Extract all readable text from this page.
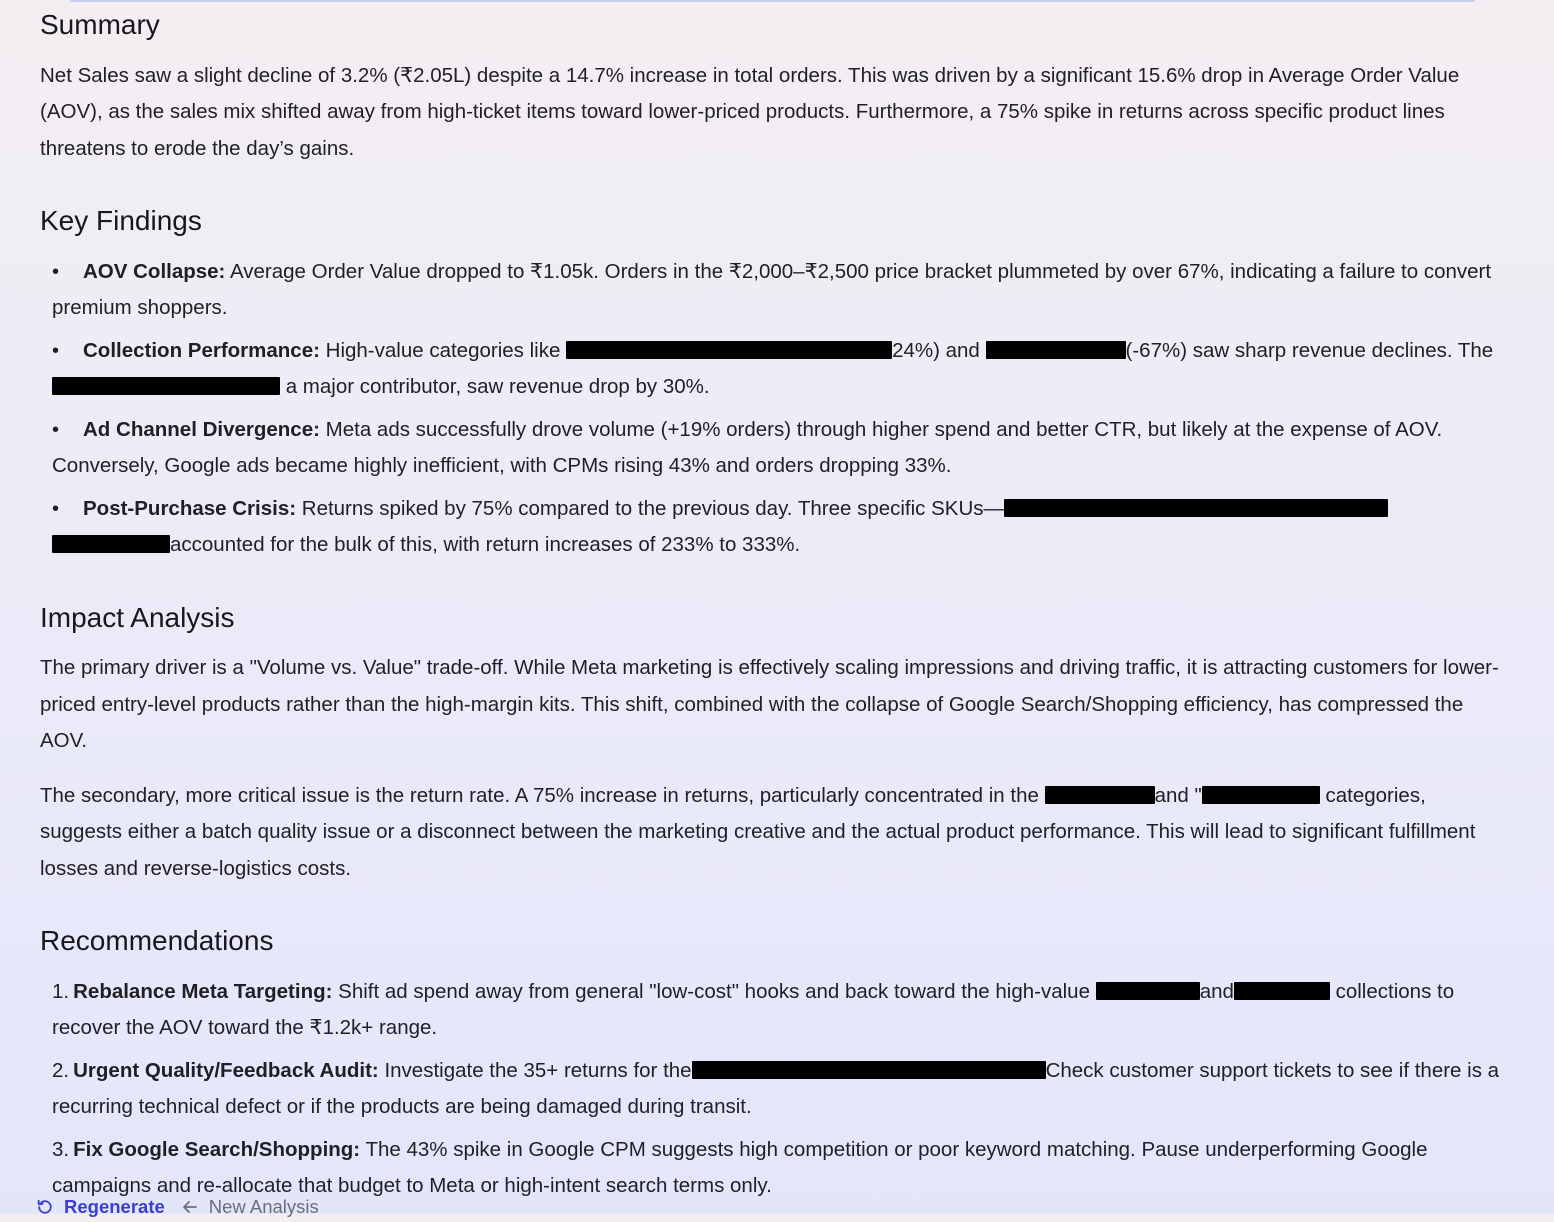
Summary

Net Sales saw a slight decline of 3.2% (₹2.05L) despite a 14.7% increase in total orders. This was driven by a significant 15.6% drop in Average Order Value (AOV), as the sales mix shifted away from high-ticket items toward lower-priced products. Furthermore, a 75% spike in returns across specific product lines threatens to erode the day’s gains.

Key Findings
• AOV Collapse: Average Order Value dropped to ₹1.05k. Orders in the ₹2,000–₹2,500 price bracket plummeted by over 67%, indicating a failure to convert premium shoppers.
• Collection Performance: High-value categories like	24%) and	(-67%) saw sharp revenue declines. The  a major contributor, saw revenue drop by 30%.
• Ad Channel Divergence: Meta ads successfully drove volume (+19% orders) through higher spend and better CTR, but likely at the expense of AOV. Conversely, Google ads became highly inefficient, with CPMs rising 43% and orders dropping 33%.
• Post-Purchase Crisis: Returns spiked by 75% compared to the previous day. Three specific SKUs—accounted for the bulk of this, with return increases of 233% to 333%.
Impact Analysis

The primary driver is a "Volume vs. Value" trade-off. While Meta marketing is effectively scaling impressions and driving traffic, it is attracting customers for lower-priced entry-level products rather than the high-margin kits. This shift, combined with the collapse of Google Search/Shopping efficiency, has compressed the AOV.

The secondary, more critical issue is the return rate. A 75% increase in returns, particularly concentrated in the	and "	categories, suggests either a batch quality issue or a disconnect between the marketing creative and the actual product performance. This will lead to significant fulfillment losses and reverse-logistics costs.

Recommendations
1. Rebalance Meta Targeting: Shift ad spend away from general "low-cost" hooks and back toward the high-value	and	collections to recover the AOV toward the ₹1.2k+ range.
2. Urgent Quality/Feedback Audit: Investigate the 35+ returns for the	Check customer support tickets to see if there is a recurring technical defect or if the products are being damaged during transit.
3. Fix Google Search/Shopping: The 43% spike in Google CPM suggests high competition or poor keyword matching. Pause underperforming Google campaigns and re-allocate that budget to Meta or high-intent search terms only.
Regenerate New Analysis
